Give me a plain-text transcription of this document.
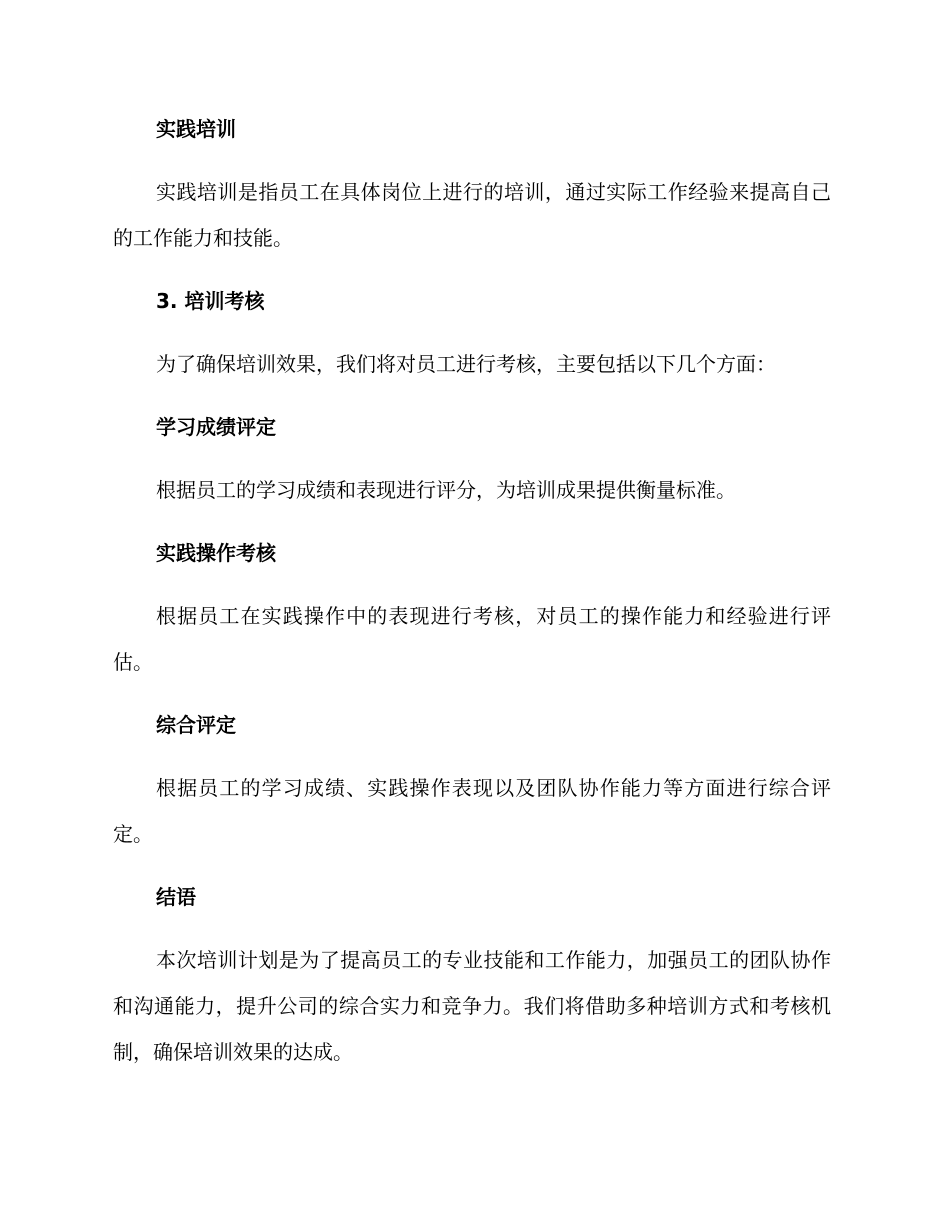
实践培训

实践培训是指员工在具体岗位上进行的培训，通过实际工作经验来提高自己的工作能力和技能。

3. 培训考核

为了确保培训效果，我们将对员工进行考核，主要包括以下几个方面：

学习成绩评定

根据员工的学习成绩和表现进行评分，为培训成果提供衡量标准。

实践操作考核

根据员工在实践操作中的表现进行考核，对员工的操作能力和经验进行评估。

综合评定

根据员工的学习成绩、实践操作表现以及团队协作能力等方面进行综合评定。

结语

本次培训计划是为了提高员工的专业技能和工作能力，加强员工的团队协作和沟通能力，提升公司的综合实力和竞争力。我们将借助多种培训方式和考核机制，确保培训效果的达成。
